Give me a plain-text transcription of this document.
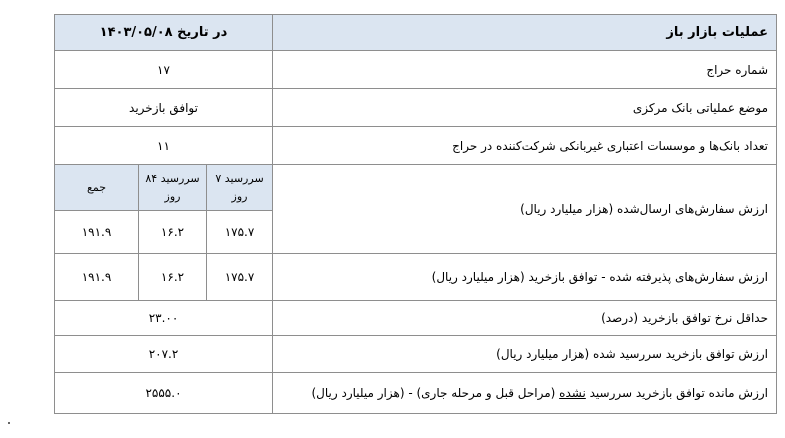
عملیات بازار باز	در تاریخ ۱۴۰۳/۰۵/۰۸		
شماره حراج	۱۷		
موضع عملیاتی بانک مرکزی	توافق بازخرید		
تعداد بانک‌ها و موسسات اعتباری غیربانکی شرکت‌کننده در حراج	۱۱		
ارزش سفارش‌های ارسال‌شده (هزار میلیارد ریال)	سررسید ۷ روز	سررسید ۸۴ روز	جمع
	۱۷۵.۷	۱۶.۲	۱۹۱.۹
ارزش سفارش‌های پذیرفته شده - توافق بازخرید (هزار میلیارد ریال)	۱۷۵.۷	۱۶.۲	۱۹۱.۹
حداقل نرخ توافق بازخرید (درصد)	۲۳.۰۰		
ارزش توافق بازخرید سررسید شده (هزار میلیارد ریال)	۲۰۷.۲		
ارزش مانده توافق بازخرید سررسید نشده (مراحل قبل و مرحله جاری) - (هزار میلیارد ریال)	۲۵۵۵.۰		
